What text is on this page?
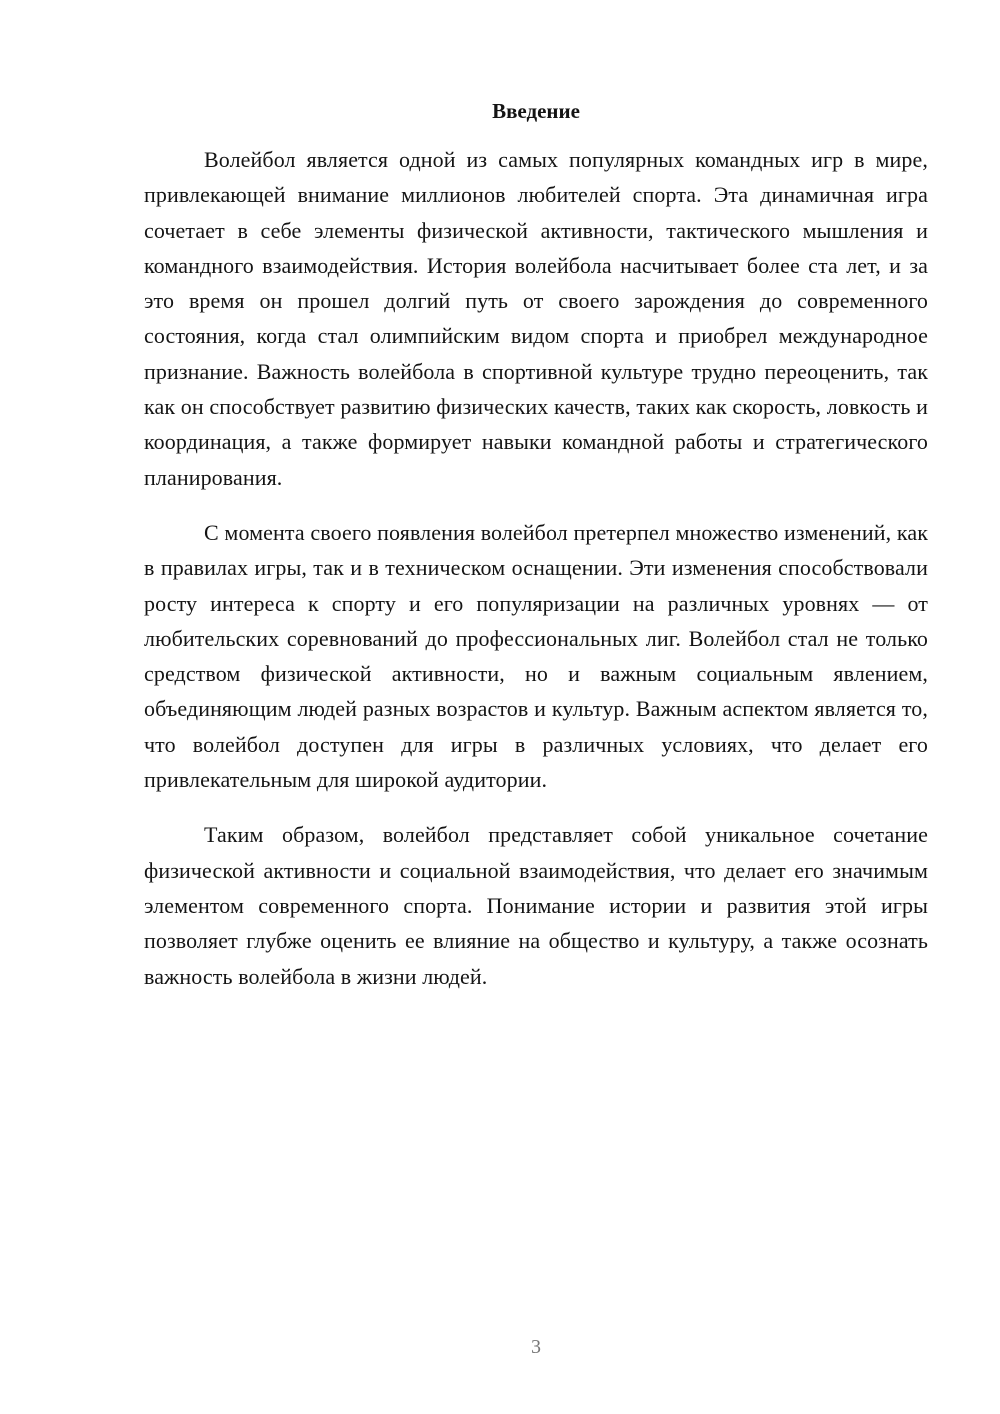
Введение

Волейбол является одной из самых популярных командных игр в мире, привлекающей внимание миллионов любителей спорта. Эта динамичная игра сочетает в себе элементы физической активности, тактического мышления и командного взаимодействия. История волейбола насчитывает более ста лет, и за это время он прошел долгий путь от своего зарождения до современного состояния, когда стал олимпийским видом спорта и приобрел международное признание. Важность волейбола в спортивной культуре трудно переоценить, так как он способствует развитию физических качеств, таких как скорость, ловкость и координация, а также формирует навыки командной работы и стратегического планирования.

С момента своего появления волейбол претерпел множество изменений, как в правилах игры, так и в техническом оснащении. Эти изменения способствовали росту интереса к спорту и его популяризации на различных уровнях — от любительских соревнований до профессиональных лиг. Волейбол стал не только средством физической активности, но и важным социальным явлением, объединяющим людей разных возрастов и культур. Важным аспектом является то, что волейбол доступен для игры в различных условиях, что делает его привлекательным для широкой аудитории.

Таким образом, волейбол представляет собой уникальное сочетание физической активности и социальной взаимодействия, что делает его значимым элементом современного спорта. Понимание истории и развития этой игры позволяет глубже оценить ее влияние на общество и культуру, а также осознать важность волейбола в жизни людей.

3
